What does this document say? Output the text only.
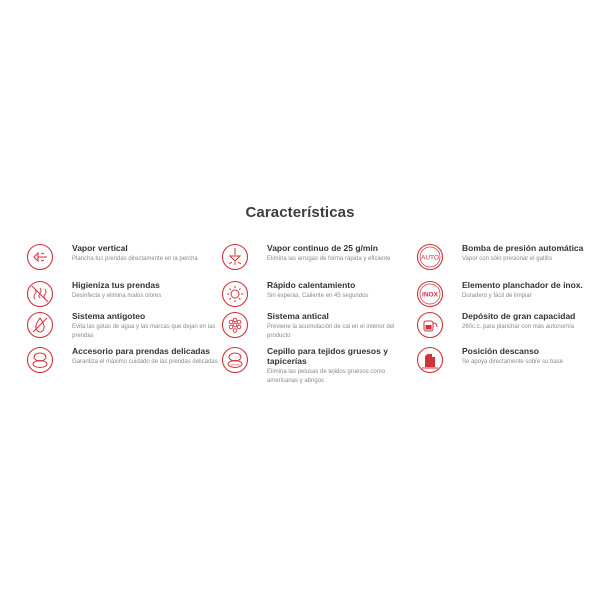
Características
Vapor vertical
Plancha tus prendas directamente en la percha
Vapor continuo de 25 g/min
Elimina las arrugas de forma rápida y eficiente	AUTO
Bomba de presión automática
Vapor con sólo presionar el gatillo
Higieniza tus prendas
Desinfecta y elimina malos olores
Rápido calentamiento
Sin esperas. Caliente en 45 segundos	INOX
Elemento planchador de inox.
Duradero y fácil de limpiar
Sistema antigoteo
Evita las gotas de agua y las marcas que dejan en las prendas
Sistema antical
Previene la acumulación de cal en el interior del producto
Depósito de gran capacidad
260c.c. para planchar con más autonomía
Accesorio para prendas delicadas
Garantiza el máximo cuidado de las prendas delicadas
Cepillo para tejidos gruesos y tapicerías
Elimina las pelusas de tejidos gruesos como americanas y abrigos
Posición descanso
Se apoya directamente sobre su base
